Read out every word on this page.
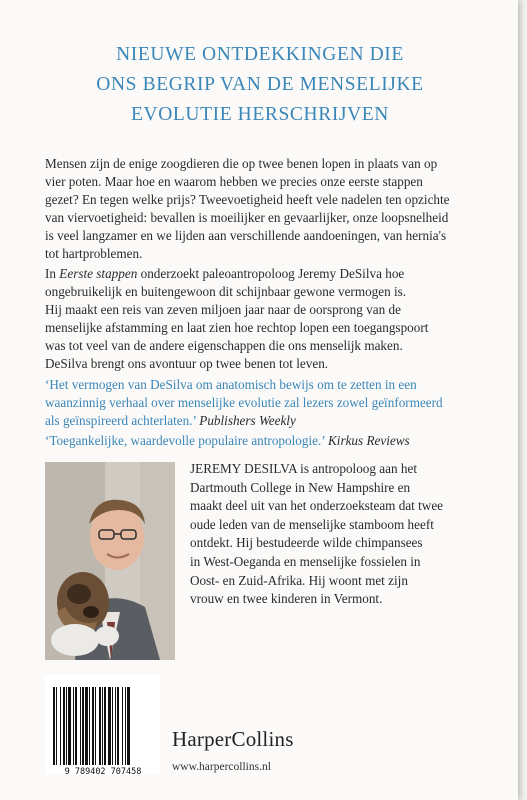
NIEUWE ONTDEKKINGEN DIE
ONS BEGRIP VAN DE MENSELIJKE
EVOLUTIE HERSCHRIJVEN
Mensen zijn de enige zoogdieren die op twee benen lopen in plaats van op
vier poten. Maar hoe en waarom hebben we precies onze eerste stappen
gezet? En tegen welke prijs? Tweevoetigheid heeft vele nadelen ten opzichte
van viervoetigheid: bevallen is moeilijker en gevaarlijker, onze loopsnelheid
is veel langzamer en we lijden aan verschillende aandoeningen, van hernia's
tot hartproblemen.
In Eerste stappen onderzoekt paleoantropoloog Jeremy DeSilva hoe
ongebruikelijk en buitengewoon dit schijnbaar gewone vermogen is.
Hij maakt een reis van zeven miljoen jaar naar de oorsprong van de
menselijke afstamming en laat zien hoe rechtop lopen een toegangspoort
was tot veel van de andere eigenschappen die ons menselijk maken.
DeSilva brengt ons avontuur op twee benen tot leven.
‘Het vermogen van DeSilva om anatomisch bewijs om te zetten in een
waanzinnig verhaal over menselijke evolutie zal lezers zowel geïnformeerd
als geïnspireerd achterlaten.’ Publishers Weekly
‘Toegankelijke, waardevolle populaire antropologie.’ Kirkus Reviews
JEREMY DESILVA is antropoloog aan het
Dartmouth College in New Hampshire en
maakt deel uit van het onderzoeksteam dat twee
oude leden van de menselijke stamboom heeft
ontdekt. Hij bestudeerde wilde chimpansees
in West-Oeganda en menselijke fossielen in
Oost- en Zuid-Afrika. Hij woont met zijn
vrouw en twee kinderen in Vermont.
9 789402 707458
HarperCollins
www.harpercollins.nl
